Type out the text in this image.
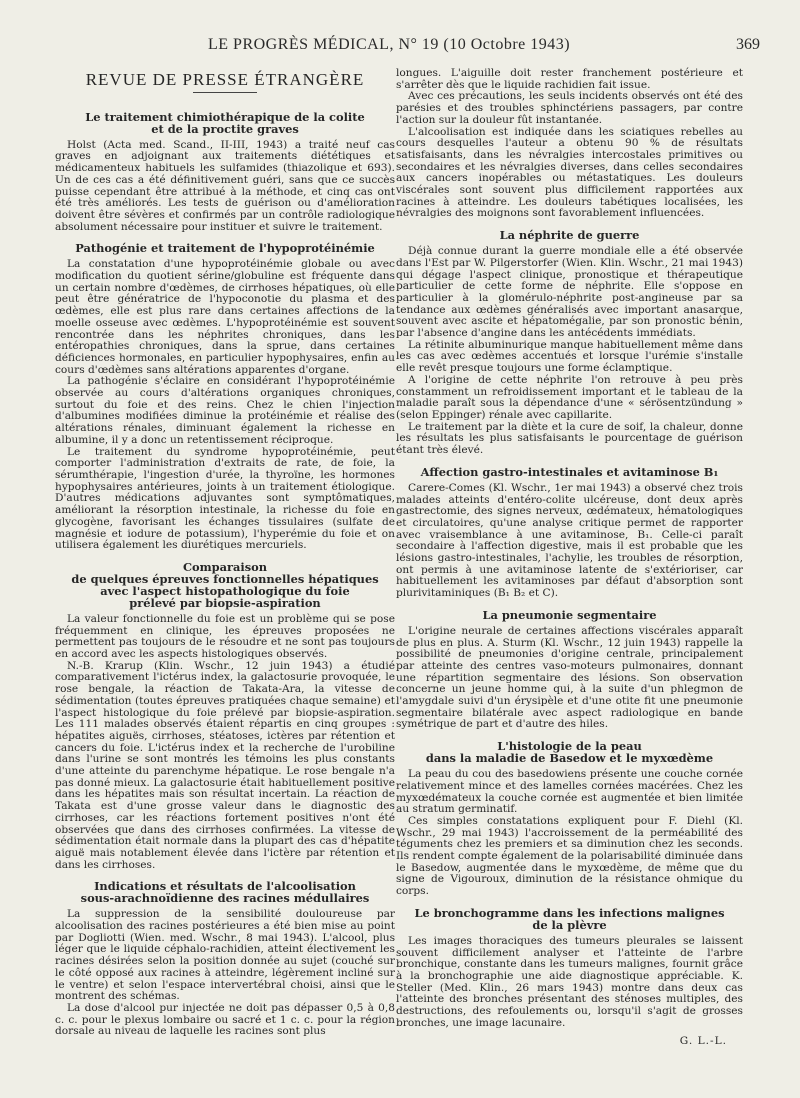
LE PROGRÈS MÉDICAL, N° 19 (10 Octobre 1943)	369
REVUE DE PRESSE ÉTRANGÈRE
Le traitement chimiothérapique de la colite
et de la proctite graves

Holst (Acta med. Scand., II-III, 1943) a traité neuf cas graves en adjoignant aux traitements diététiques et médicamenteux habituels les sulfamides (thiazolique et 693). Un de ces cas a été définitivement guéri, sans que ce succès puisse cependant être attribué à la méthode, et cinq cas ont été très améliorés. Les tests de guérison ou d'amélioration doivent être sévères et confirmés par un contrôle radiologique absolument nécessaire pour instituer et suivre le traitement.

Pathogénie et traitement de l'hypoprotéinémie

La constatation d'une hypoprotéinémie globale ou avec modification du quotient sérine/globuline est fréquente dans un certain nombre d'œdèmes, de cirrhoses hépatiques, où elle peut être génératrice de l'hypoconotie du plasma et des œdèmes, elle est plus rare dans certaines affections de la moelle osseuse avec œdèmes. L'hypoprotéinémie est souvent rencontrée dans les néphrites chroniques, dans les entéropathies chroniques, dans la sprue, dans certaines déficiences hormonales, en particulier hypophysaires, enfin au cours d'œdèmes sans altérations apparentes d'organe.

La pathogénie s'éclaire en considérant l'hypoprotéinémie observée au cours d'altérations organiques chroniques, surtout du foie et des reins. Chez le chien l'injection d'albumines modifiées diminue la protéinémie et réalise des altérations rénales, diminuant également la richesse en albumine, il y a donc un retentissement réciproque.

Le traitement du syndrome hypoprotéinémie, peut comporter l'administration d'extraits de rate, de foie, la sérumthérapie, l'ingestion d'urée, la thyroïne, les hormones hypophysaires antérieures, joints à un traitement étiologique. D'autres médications adjuvantes sont symptômatiques, améliorant la résorption intestinale, la richesse du foie en glycogène, favorisant les échanges tissulaires (sulfate de magnésie et iodure de potassium), l'hyperémie du foie et on utilisera également les diurétiques mercuriels.

Comparaison
de quelques épreuves fonctionnelles hépatiques
avec l'aspect histopathologique du foie
prélevé par biopsie-aspiration

La valeur fonctionnelle du foie est un problème qui se pose fréquemment en clinique, les épreuves proposées ne permettent pas toujours de le résoudre et ne sont pas toujours en accord avec les aspects histologiques observés.

N.-B. Krarup (Klin. Wschr., 12 juin 1943) a étudié comparativement l'ictérus index, la galactosurie provoquée, le rose bengale, la réaction de Takata-Ara, la vitesse de sédimentation (toutes épreuves pratiquées chaque semaine) et l'aspect histologique du foie prélevé par biopsie-aspiration. Les 111 malades observés étaient répartis en cinq groupes : hépatites aiguës, cirrhoses, stéatoses, ictères par rétention et cancers du foie. L'ictérus index et la recherche de l'urobiline dans l'urine se sont montrés les témoins les plus constants d'une atteinte du parenchyme hépatique. Le rose bengale n'a pas donné mieux. La galactosurie était habituellement positive dans les hépatites mais son résultat incertain. La réaction de Takata est d'une grosse valeur dans le diagnostic des cirrhoses, car les réactions fortement positives n'ont été observées que dans des cirrhoses confirmées. La vitesse de sédimentation était normale dans la plupart des cas d'hépatite aiguë mais notablement élevée dans l'ictère par rétention et dans les cirrhoses.

Indications et résultats de l'alcoolisation
sous-arachnoïdienne des racines médullaires

La suppression de la sensibilité douloureuse par alcoolisation des racines postérieures a été bien mise au point par Dogliotti (Wien. med. Wschr., 8 mai 1943). L'alcool, plus léger que le liquide céphalo-rachidien, atteint électivement les racines désirées selon la position donnée au sujet (couché sur le côté opposé aux racines à atteindre, légèrement incliné sur le ventre) et selon l'espace intervertébral choisi, ainsi que le montrent des schémas.

La dose d'alcool pur injectée ne doit pas dépasser 0,5 à 0,8 c. c. pour le plexus lombaire ou sacré et 1 c. c. pour la région dorsale au niveau de laquelle les racines sont plus

longues. L'aiguille doit rester franchement postérieure et s'arrêter dès que le liquide rachidien fait issue.

Avec ces précautions, les seuls incidents observés ont été des parésies et des troubles sphinctériens passagers, par contre l'action sur la douleur fût instantanée.

L'alcoolisation est indiquée dans les sciatiques rebelles au cours desquelles l'auteur a obtenu 90 % de résultats satisfaisants, dans les névralgies intercostales primitives ou secondaires et les névralgies diverses, dans celles secondaires aux cancers inopérables ou métastatiques. Les douleurs viscérales sont souvent plus difficilement rapportées aux racines à atteindre. Les douleurs tabétiques localisées, les névralgies des moignons sont favorablement influencées.

La néphrite de guerre

Déjà connue durant la guerre mondiale elle a été observée dans l'Est par W. Pilgerstorfer (Wien. Klin. Wschr., 21 mai 1943) qui dégage l'aspect clinique, pronostique et thérapeutique particulier de cette forme de néphrite. Elle s'oppose en particulier à la glomérulo-néphrite post-angineuse par sa tendance aux œdèmes généralisés avec important anasarque, souvent avec ascite et hépatomégalie, par son pronostic bénin, par l'absence d'angine dans les antécédents immédiats.

La rétinite albuminurique manque habituellement même dans les cas avec œdèmes accentués et lorsque l'urémie s'installe elle revêt presque toujours une forme éclamptique.

A l'origine de cette néphrite l'on retrouve à peu près constamment un refroidissement important et le tableau de la maladie paraît sous la dépendance d'une « sérösentzündung » (selon Eppinger) rénale avec capillarite.

Le traitement par la diète et la cure de soif, la chaleur, donne les résultats les plus satisfaisants le pourcentage de guérison étant très élevé.

Affection gastro-intestinales et avitaminose B₁

Carere-Comes (Kl. Wschr., 1er mai 1943) a observé chez trois malades atteints d'entéro-colite ulcéreuse, dont deux après gastrectomie, des signes nerveux, œdémateux, hématologiques et circulatoires, qu'une analyse critique permet de rapporter avec vraisemblance à une avitaminose, B₁. Celle-ci paraît secondaire à l'affection digestive, mais il est probable que les lésions gastro-intestinales, l'achylie, les troubles de résorption, ont permis à une avitaminose latente de s'extérioriser, car habituellement les avitaminoses par défaut d'absorption sont plurivitaminiques (B₁ B₂ et C).

La pneumonie segmentaire

L'origine neurale de certaines affections viscérales apparaît de plus en plus. A. Sturm (Kl. Wschr., 12 juin 1943) rappelle la possibilité de pneumonies d'origine centrale, principalement par atteinte des centres vaso-moteurs pulmonaires, donnant une répartition segmentaire des lésions. Son observation concerne un jeune homme qui, à la suite d'un phlegmon de l'amygdale suivi d'un érysipèle et d'une otite fit une pneumonie segmentaire bilatérale avec aspect radiologique en bande symétrique de part et d'autre des hiles.

L'histologie de la peau
dans la maladie de Basedow et le myxœdème

La peau du cou des basedowiens présente une couche cornée relativement mince et des lamelles cornées macérées. Chez les myxœdémateux la couche cornée est augmentée et bien limitée au stratum germinatif.

Ces simples constatations expliquent pour F. Diehl (Kl. Wschr., 29 mai 1943) l'accroissement de la perméabilité des téguments chez les premiers et sa diminution chez les seconds. Ils rendent compte également de la polarisabilité diminuée dans le Basedow, augmentée dans le myxœdème, de même que du signe de Vigouroux, diminution de la résistance ohmique du corps.

Le bronchogramme dans les infections malignes
de la plèvre

Les images thoraciques des tumeurs pleurales se laissent souvent difficilement analyser et l'atteinte de l'arbre bronchique, constante dans les tumeurs malignes, fournit grâce à la bronchographie une aide diagnostique appréciable. K. Steller (Med. Klin., 26 mars 1943) montre dans deux cas l'atteinte des bronches présentant des sténoses multiples, des destructions, des refoulements ou, lorsqu'il s'agit de grosses bronches, une image lacunaire.

G. L.-L.
